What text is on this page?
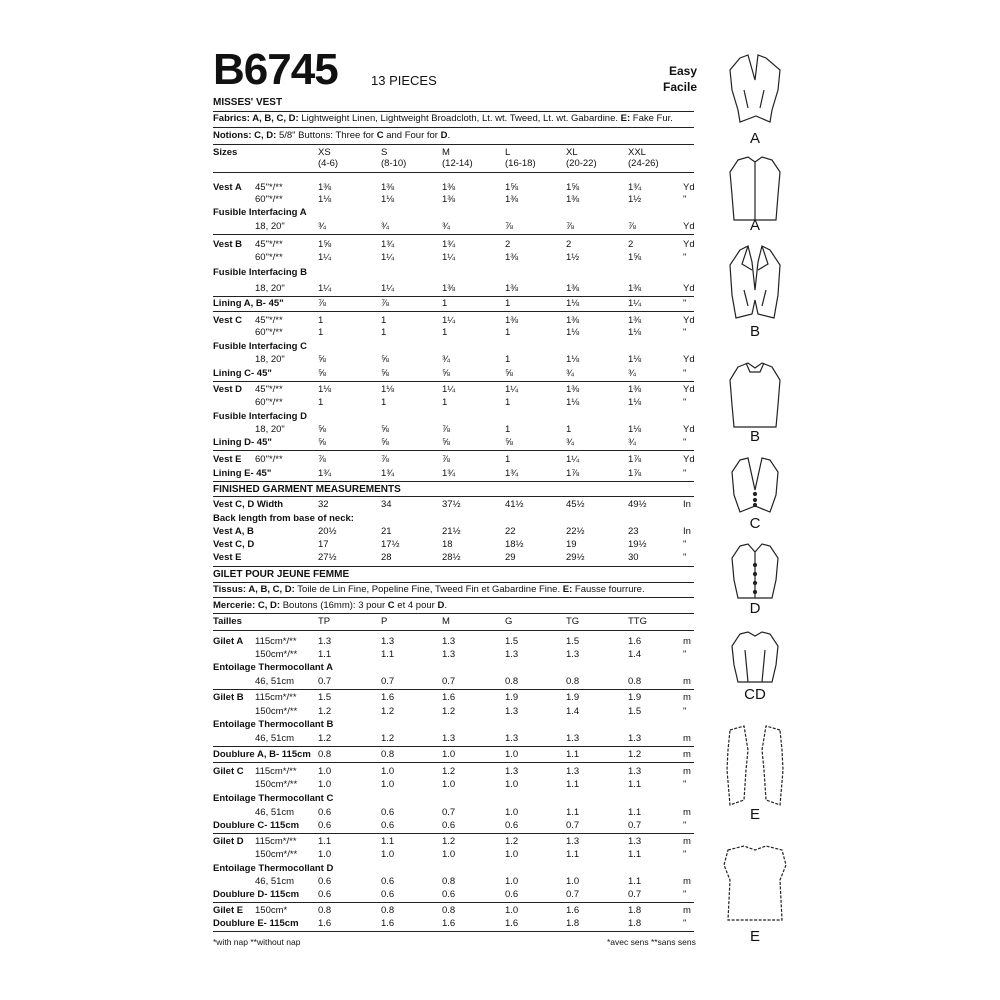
B6745	13 PIECES
Easy
Facile
MISSES' VEST
Fabrics: A, B, C, D: Lightweight Linen, Lightweight Broadcloth, Lt. wt. Tweed, Lt. wt. Gabardine. E: Fake Fur.
Notions: C, D: 5/8" Buttons: Three for C and Four for D.
Sizes	XS	S	M	L	XL	XXL
(4-6)	(8-10)	(12-14)	(16-18)	(20-22)	(24-26)
Vest A 45"*/**	1⅜	1⅜	1⅜	1⅝	1⅝	1¾	Yd
60"*/**	1⅛	1⅛	1⅜	1⅜	1⅜	1½	"
Fusible Interfacing A
18, 20"	¾	¾	¾	⅞	⅞	⅞	Yd
Vest B 45"*/**	1⅝	1¾	1¾	2	2	2	Yd
60"*/**	1¼	1¼	1¼	1⅜	1½	1⅝	"
Fusible Interfacing B
18, 20"	1¼	1¼	1⅜	1⅜	1⅜	1⅜	Yd
Lining A, B- 45"	⅞	⅞	1	1	1⅛	1¼	"
Vest C 45"*/**	1	1	1¼	1⅜	1⅜	1⅜	Yd
60"*/**	1	1	1	1	1⅛	1⅛	"
Fusible Interfacing C
18, 20"	⅝	⅝	¾	1	1⅛	1⅛	Yd
Lining C- 45"	⅝	⅝	⅝	⅝	¾	¾	"
Vest D 45"*/**	1⅛	1⅛	1¼	1¼	1⅜	1⅜	Yd
60"*/**	1	1	1	1	1⅛	1⅛	"
Fusible Interfacing D
18, 20"	⅝	⅝	⅞	1	1	1⅛	Yd
Lining D- 45"	⅝	⅝	⅝	⅝	¾	¾	"
Vest E 60"*/**	⅞	⅞	⅞	1	1¼	1⅞	Yd
Lining E- 45"	1¾	1¾	1¾	1¾	1⅞	1⅞	"
FINISHED GARMENT MEASUREMENTS
Vest C, D Width	32	34	37½	41½	45½	49½	In
Back length from base of neck:
Vest A, B	20½	21	21½	22	22½	23	In
Vest C, D	17	17½	18	18½	19	19½	"
Vest E	27½	28	28½	29	29½	30	"
GILET POUR JEUNE FEMME
Tissus: A, B, C, D: Toile de Lin Fine, Popeline Fine, Tweed Fin et Gabardine Fine. E: Fausse fourrure.
Mercerie: C, D: Boutons (16mm): 3 pour C et 4 pour D.
Tailles	TP	P	M	G	TG	TTG
Gilet A 115cm*/** 1.3	1.3	1.3	1.5	1.5	1.6	m
150cm*/** 1.1	1.1	1.3	1.3	1.3	1.4	"
Entoilage Thermocollant A
46, 51cm	0.7	0.7	0.7	0.8	0.8	0.8	m
Gilet B 115cm*/** 1.5	1.6	1.6	1.9	1.9	1.9	m
150cm*/** 1.2	1.2	1.2	1.3	1.4	1.5	"
Entoilage Thermocollant B
46, 51cm	1.2	1.2	1.3	1.3	1.3	1.3	m
Doublure A, B- 115cm 0.8	0.8	1.0	1.0	1.1	1.2	m
Gilet C 115cm*/** 1.0	1.0	1.2	1.3	1.3	1.3	m
150cm*/** 1.0	1.0	1.0	1.0	1.1	1.1	"
Entoilage Thermocollant C
46, 51cm	0.6	0.6	0.7	1.0	1.1	1.1	m
Doublure C- 115cm 0.6	0.6	0.6	0.6	0.7	0.7	"
Gilet D 115cm*/** 1.1	1.1	1.2	1.2	1.3	1.3	m
150cm*/** 1.0	1.0	1.0	1.0	1.1	1.1	"
Entoilage Thermocollant D
46, 51cm	0.6	0.6	0.8	1.0	1.0	1.1	m
Doublure D- 115cm 0.6	0.6	0.6	0.6	0.7	0.7	"
Gilet E 150cm*	0.8	0.8	0.8	1.0	1.6	1.8	m
Doublure E- 115cm 1.6	1.6	1.6	1.6	1.8	1.8	"
*with nap **without nap	*avec sens **sans sens
A
A
B
B
C
D
CD
E
E
